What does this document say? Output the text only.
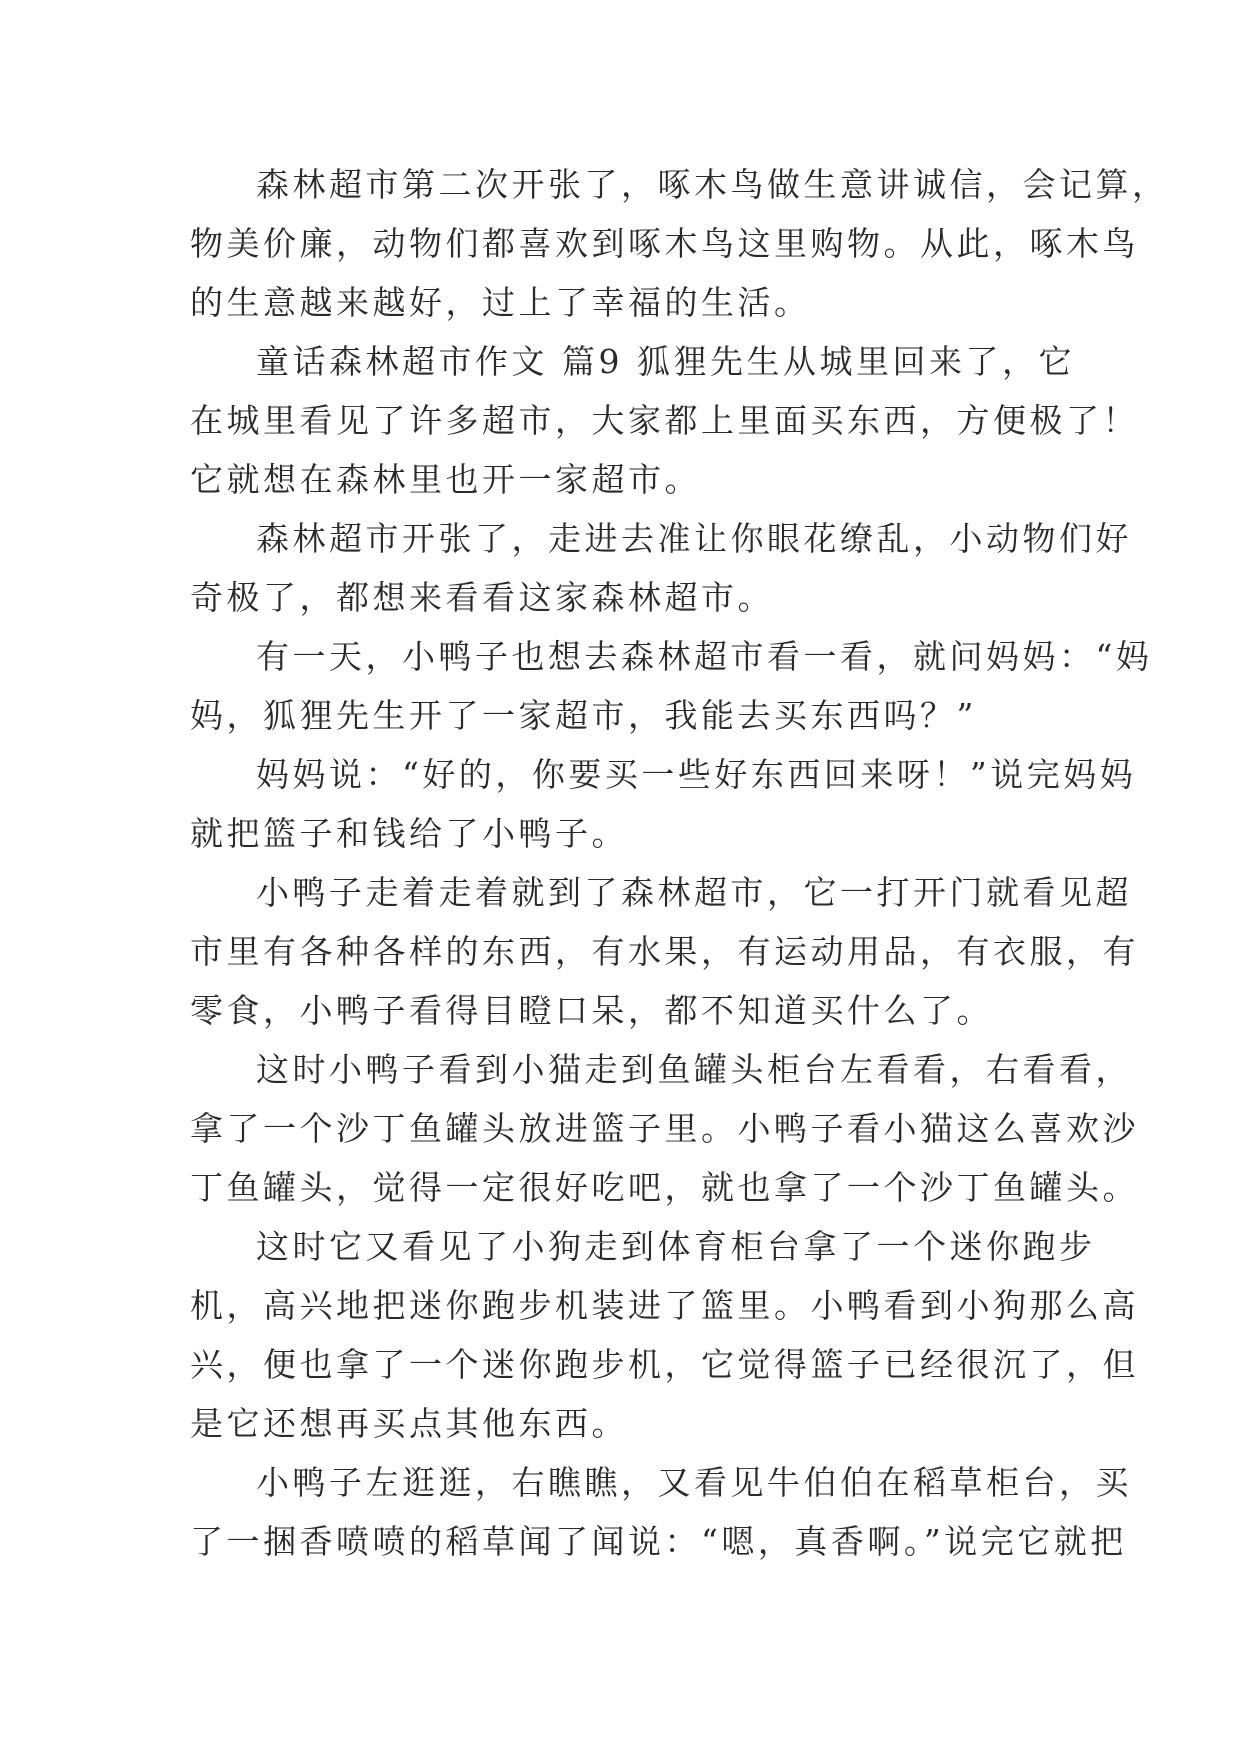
森林超市第二次开张了，啄木鸟做生意讲诚信，会记算，
物美价廉，动物们都喜欢到啄木鸟这里购物。从此，啄木鸟
的生意越来越好，过上了幸福的生活。
童话森林超市作文 篇9 狐狸先生从城里回来了，它
在城里看见了许多超市，大家都上里面买东西，方便极了！
它就想在森林里也开一家超市。
森林超市开张了，走进去准让你眼花缭乱，小动物们好
奇极了，都想来看看这家森林超市。
有一天，小鸭子也想去森林超市看一看，就问妈妈：“妈
妈，狐狸先生开了一家超市，我能去买东西吗？”
妈妈说：“好的，你要买一些好东西回来呀！”说完妈妈
就把篮子和钱给了小鸭子。
小鸭子走着走着就到了森林超市，它一打开门就看见超
市里有各种各样的东西，有水果，有运动用品，有衣服，有
零食，小鸭子看得目瞪口呆，都不知道买什么了。
这时小鸭子看到小猫走到鱼罐头柜台左看看，右看看，
拿了一个沙丁鱼罐头放进篮子里。小鸭子看小猫这么喜欢沙
丁鱼罐头，觉得一定很好吃吧，就也拿了一个沙丁鱼罐头。
这时它又看见了小狗走到体育柜台拿了一个迷你跑步
机，高兴地把迷你跑步机装进了篮里。小鸭看到小狗那么高
兴，便也拿了一个迷你跑步机，它觉得篮子已经很沉了，但
是它还想再买点其他东西。
小鸭子左逛逛，右瞧瞧，又看见牛伯伯在稻草柜台，买
了一捆香喷喷的稻草闻了闻说：“嗯，真香啊。”说完它就把
